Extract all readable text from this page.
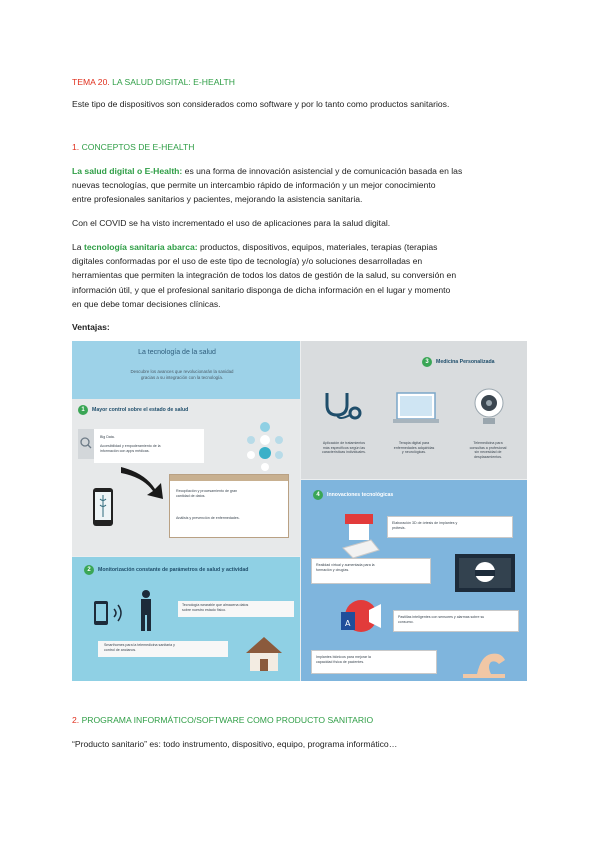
TEMA 20. LA SALUD DIGITAL: E-HEALTH

Este tipo de dispositivos son considerados como software y por lo tanto como productos sanitarios.

1. CONCEPTOS DE E-HEALTH
La salud digital o E-Health: es una forma de innovación asistencial y de comunicación basada en las
nuevas tecnologías, que permite un intercambio rápido de información y un mejor conocimiento
entre profesionales sanitarios y pacientes, mejorando la asistencia sanitaria.

Con el COVID se ha visto incrementado el uso de aplicaciones para la salud digital.

La tecnología sanitaria abarca: productos, dispositivos, equipos, materiales, terapias (terapias
digitales conformadas por el uso de este tipo de tecnología) y/o soluciones desarrolladas en
herramientas que permiten la integración de todos los datos de gestión de la salud, su conversión en
información útil, y que el profesional sanitario disponga de dicha información en el lugar y momento
en que debe tomar decisiones clínicas.

Ventajas:

La tecnología de la salud
Descubre los avances que revolucionarán la sanidad
gracias a su integración con la tecnología.
1	Mayor control sobre el estado de salud
Big Data.
Accesibilidad y empoderamiento de la
información con apps médicas.
Recopilación y procesamiento de gran
cantidad de datos.
Análisis y prevención de enfermedades.
3	Medicina Personalizada
Aplicación de tratamientos
más específicos según las
características individuales.
Terapia digital para
enfermedades adquiridas
y neurológicas.
Telemedicina para
consultas a profesional
sin necesidad de
desplazamientos.
4	Innovaciones tecnológicas
Elaboración 3D de órtesis de implantes y
prótesis.
Realidad virtual y aumentada para la
formación y cirugías.
A
Pastillas inteligentes con sensores y alarmas sobre su
consumo.
Implantes biónicos para mejorar la
capacidad física de pacientes.
2	Monitorización constante de parámetros de salud y actividad
Tecnología wearable que almacena datos
sobre nuestro estado físico.
Smarthomes para la telemedicina sanitaria y
control de ancianos.
2. PROGRAMA INFORMÁTICO/SOFTWARE COMO PRODUCTO SANITARIO

“Producto sanitario” es: todo instrumento, dispositivo, equipo, programa informático…
